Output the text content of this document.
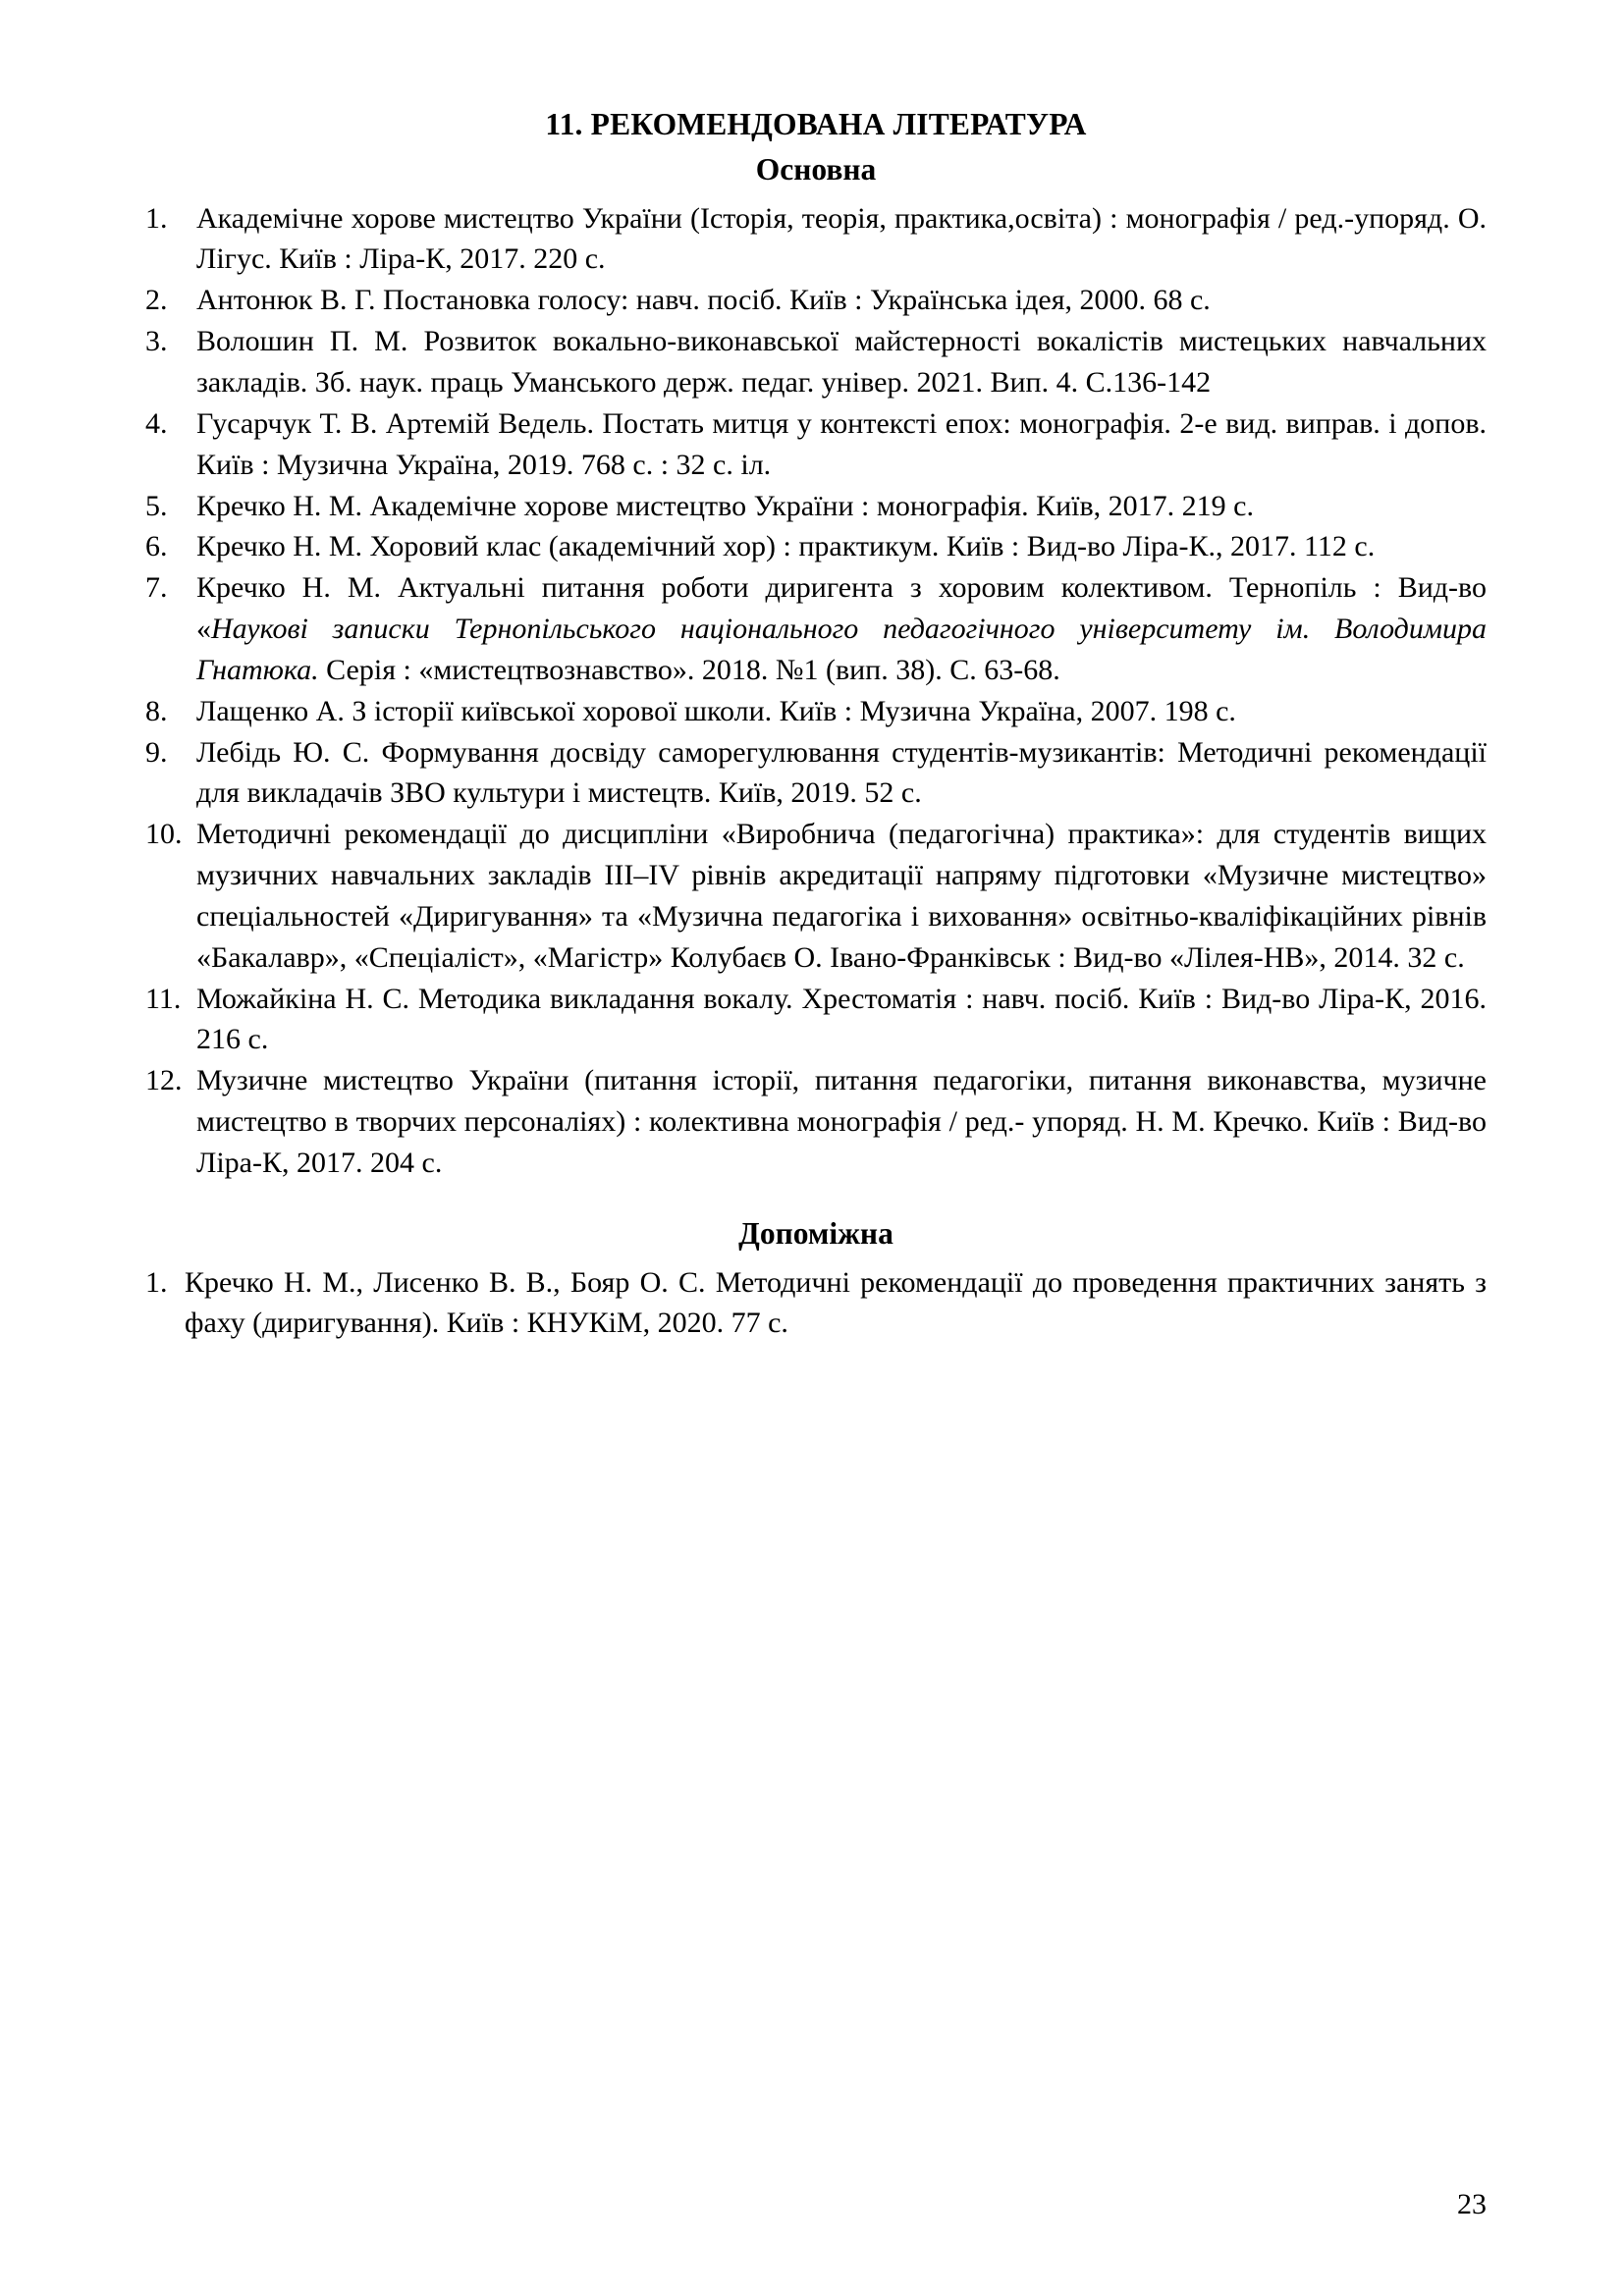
11. РЕКОМЕНДОВАНА ЛІТЕРАТУРА
Основна
1. Академічне хорове мистецтво України (Історія, теорія, практика,освіта) : монографія / ред.-упоряд. О. Лігус. Київ : Ліра-К, 2017. 220 с.
2. Антонюк В. Г. Постановка голосу: навч. посіб. Київ : Українська ідея, 2000. 68 с.
3. Волошин П. М. Розвиток вокально-виконавської майстерності вокалістів мистецьких навчальних закладів. Зб. наук. праць Уманського держ. педаг. універ. 2021. Вип. 4. С.136-142
4. Гусарчук Т. В. Артемій Ведель. Постать митця у контексті епох: монографія. 2-е вид. виправ. і допов. Київ : Музична Україна, 2019. 768 с. : 32 с. іл.
5. Кречко Н. М. Академічне хорове мистецтво України : монографія. Київ, 2017. 219 с.
6. Кречко Н. М. Хоровий клас (академічний хор) : практикум. Київ : Вид-во Ліра-К., 2017. 112 с.
7. Кречко Н. М. Актуальні питання роботи диригента з хоровим колективом. Тернопіль : Вид-во «Наукові записки Тернопільського національного педагогічного університету ім. Володимира Гнатюка. Серія : «мистецтвознавство». 2018. №1 (вип. 38). С. 63-68.
8. Лащенко А. З історії київської хорової школи. Київ : Музична Україна, 2007. 198 с.
9. Лебідь Ю. С. Формування досвіду саморегулювання студентів-музикантів: Методичні рекомендації для викладачів ЗВО культури і мистецтв. Київ, 2019. 52 с.
10. Методичні рекомендації до дисципліни «Виробнича (педагогічна) практика»: для студентів вищих музичних навчальних закладів ІІІ–ІV рівнів акредитації напряму підготовки «Музичне мистецтво» спеціальностей «Диригування» та «Музична педагогіка і виховання» освітньо-кваліфікаційних рівнів «Бакалавр», «Спеціаліст», «Магістр» Колубаєв О. Івано-Франківськ : Вид-во «Лілея-НВ», 2014. 32 с.
11. Можайкіна Н. С. Методика викладання вокалу. Хрестоматія : навч. посіб. Київ : Вид-во Ліра-К, 2016. 216 с.
12. Музичне мистецтво України (питання історії, питання педагогіки, питання виконавства, музичне мистецтво в творчих персоналіях) : колективна монографія / ред.- упоряд. Н. М. Кречко. Київ : Вид-во Ліра-К, 2017. 204 с.
Допоміжна
1. Кречко Н. М., Лисенко В. В., Бояр О. С. Методичні рекомендації до проведення практичних занять з фаху (диригування). Київ : КНУКіМ, 2020. 77 с.
23
